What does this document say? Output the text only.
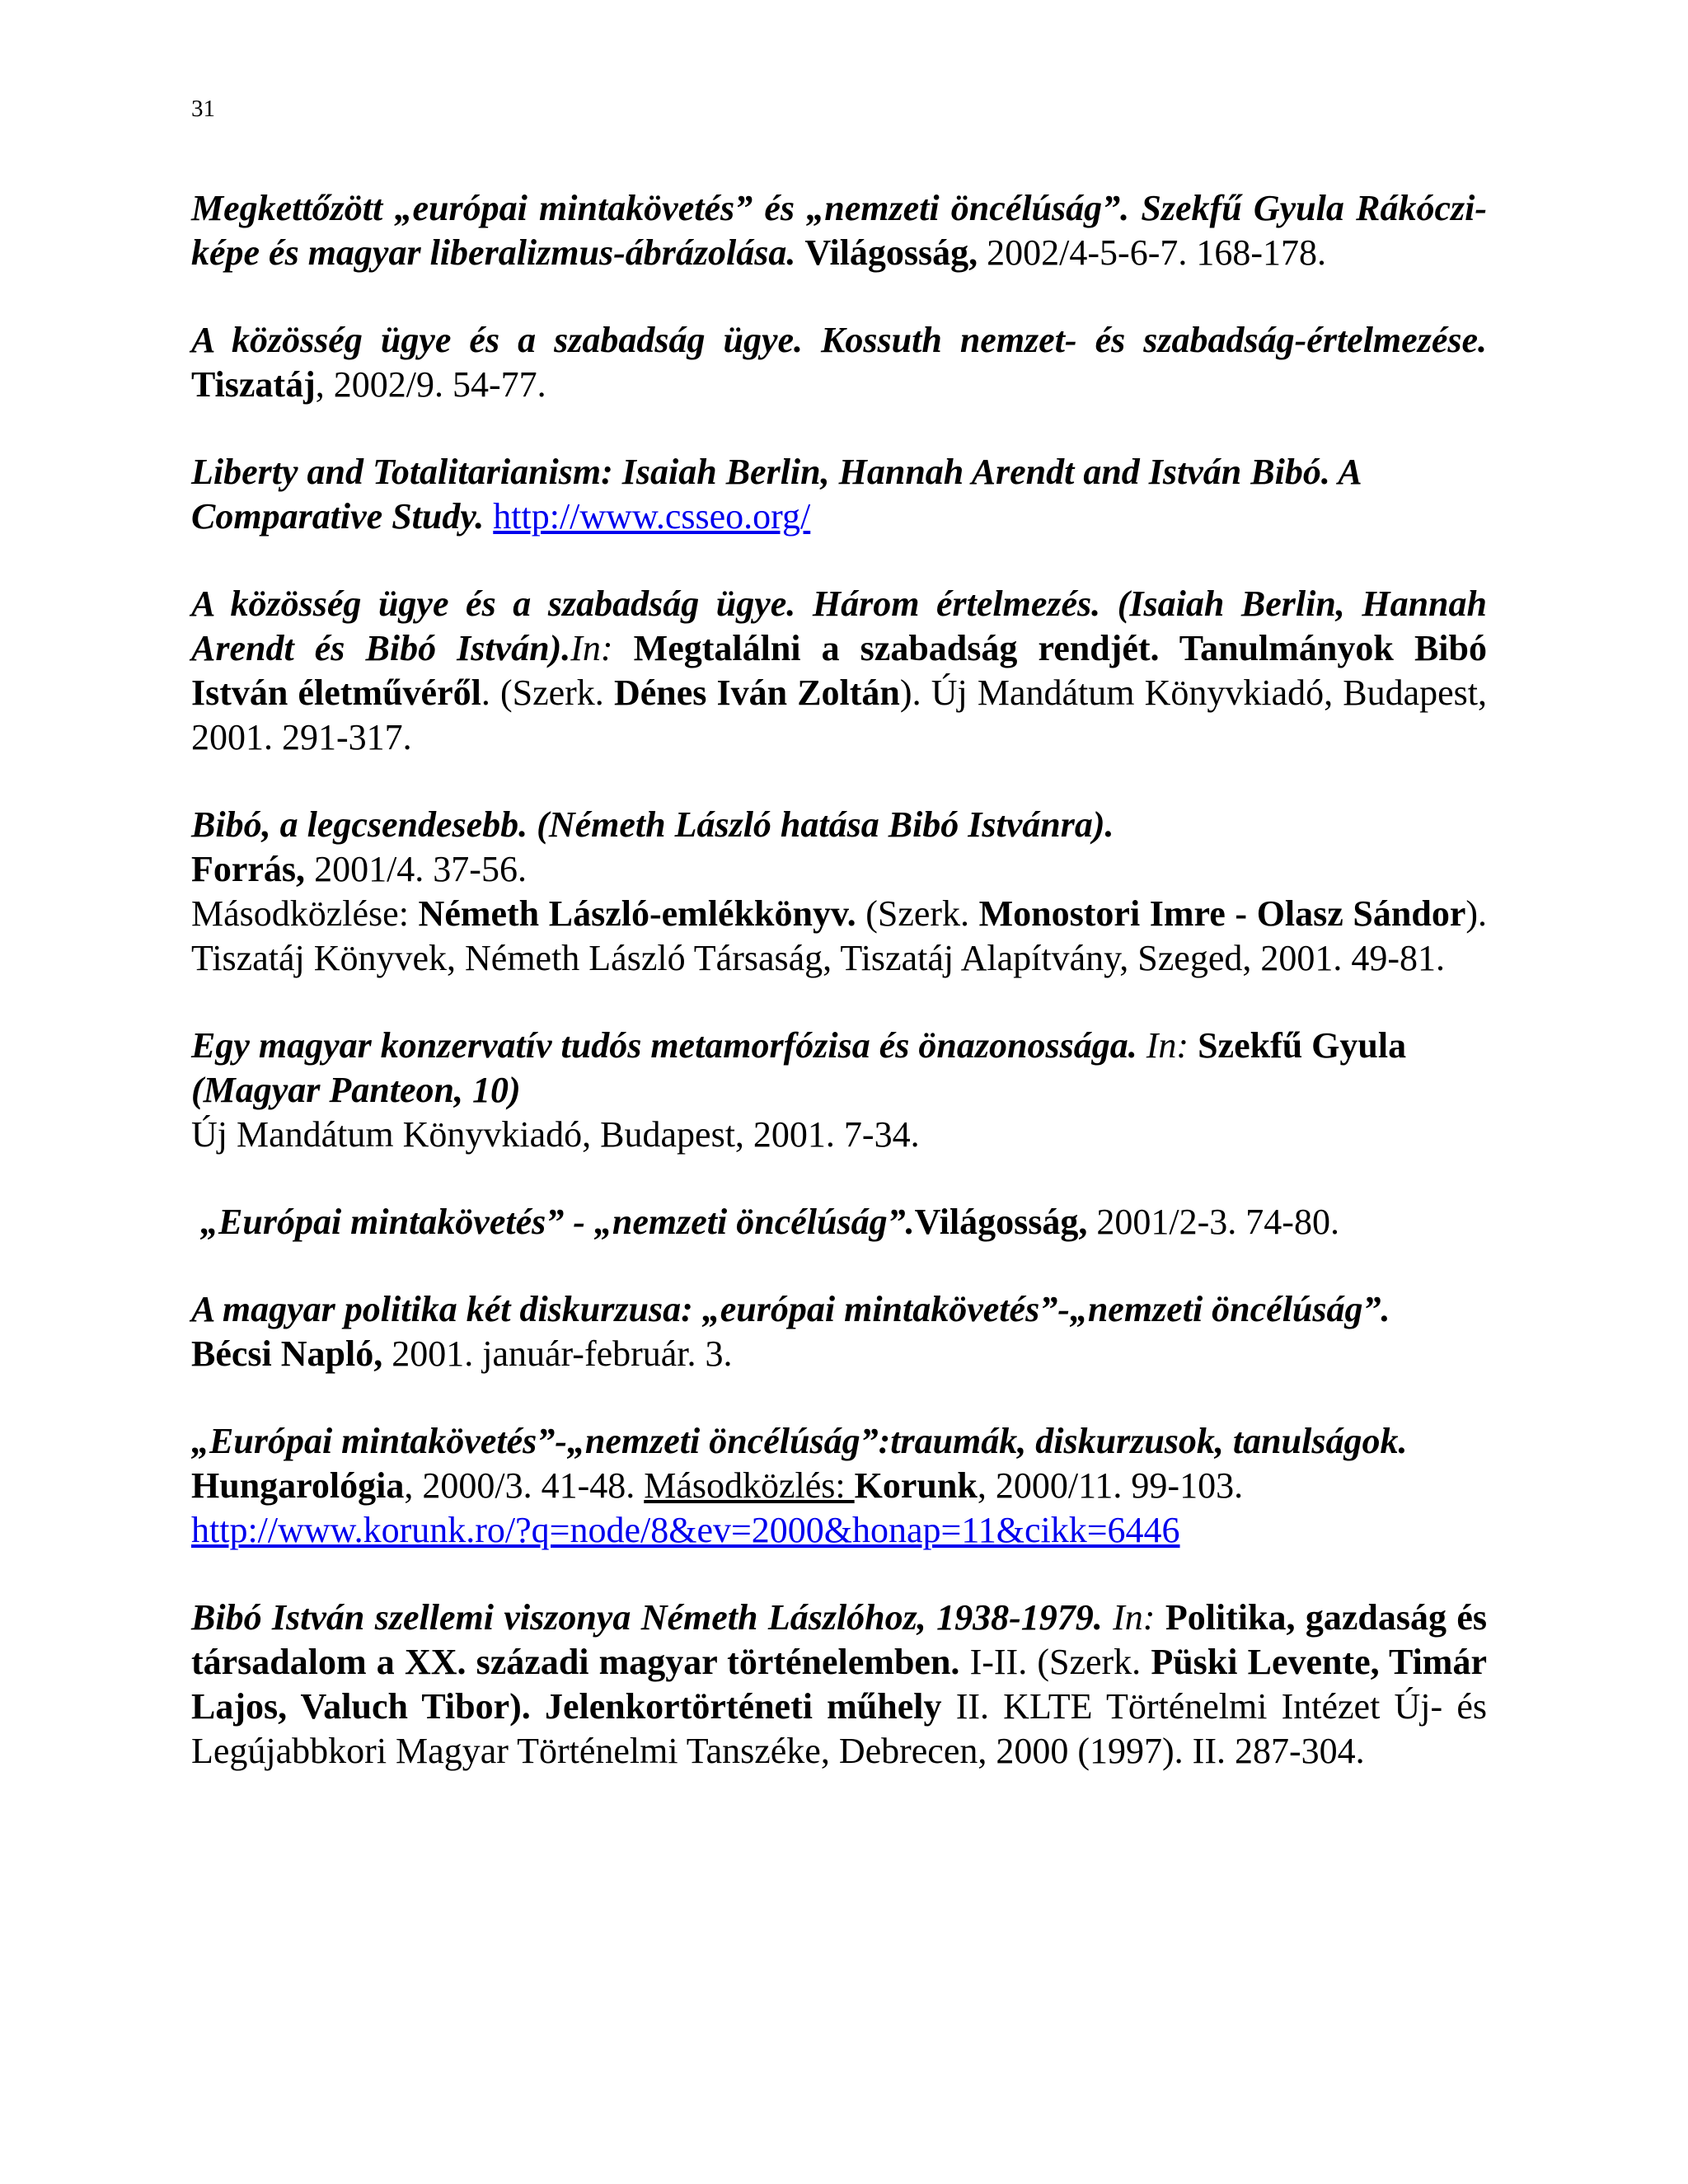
31

Megkettőzött „európai mintakövetés” és „nemzeti öncélúság”. Szekfű Gyula Rákóczi-képe és magyar liberalizmus-ábrázolása. Világosság, 2002/4-5-6-7. 168-178.

A közösség ügye és a szabadság ügye. Kossuth nemzet- és szabadság-értelmezése. Tiszatáj, 2002/9. 54-77.

Liberty and Totalitarianism: Isaiah Berlin, Hannah Arendt and István Bibó. A Comparative Study. http://www.csseo.org/

A közösség ügye és a szabadság ügye. Három értelmezés. (Isaiah Berlin, Hannah Arendt és Bibó István).In: Megtalálni a szabadság rendjét. Tanulmányok Bibó István életművéről. (Szerk. Dénes Iván Zoltán). Új Mandátum Könyvkiadó, Budapest, 2001. 291-317.

Bibó, a legcsendesebb. (Németh László hatása Bibó Istvánra).

Forrás, 2001/4. 37-56.

Másodközlése: Németh László-emlékkönyv. (Szerk. Monostori Imre - Olasz Sándor). Tiszatáj Könyvek, Németh László Társaság, Tiszatáj Alapítvány, Szeged, 2001. 49-81.

Egy magyar konzervatív tudós metamorfózisa és önazonossága. In: Szekfű Gyula

(Magyar Panteon, 10)

Új Mandátum Könyvkiadó, Budapest, 2001. 7-34.

„Európai mintakövetés” - „nemzeti öncélúság”.Világosság, 2001/2-3. 74-80.

A magyar politika két diskurzusa: „európai mintakövetés”-„nemzeti öncélúság”.

Bécsi Napló, 2001. január-február. 3.

„Európai mintakövetés”-„nemzeti öncélúság”:traumák, diskurzusok, tanulságok.

Hungarológia, 2000/3. 41-48. Másodközlés: Korunk, 2000/11. 99-103.

http://www.korunk.ro/?q=node/8&ev=2000&honap=11&cikk=6446

Bibó István szellemi viszonya Németh Lászlóhoz, 1938-1979. In: Politika, gazdaság és társadalom a XX. századi magyar történelemben. I-II. (Szerk. Püski Levente, Timár Lajos, Valuch Tibor). Jelenkortörténeti műhely II. KLTE Történelmi Intézet Új- és Legújabbkori Magyar Történelmi Tanszéke, Debrecen, 2000 (1997). II. 287-304.
